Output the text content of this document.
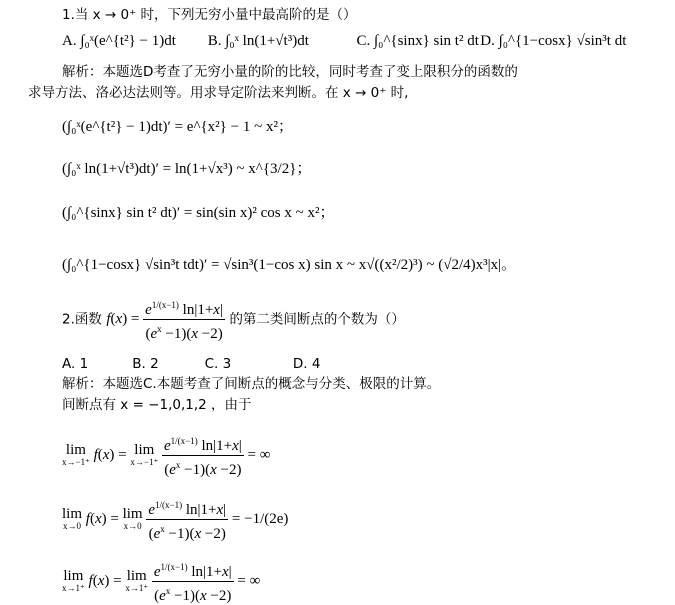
1.当 x → 0⁺ 时，下列无穷小量中最高阶的是（）
A. ∫₀ˣ(e^{t²} − 1)dt B. ∫₀ˣ ln(1+√t³)dt	C. ∫₀^{sinx} sin t² dt D. ∫₀^{1−cosx} √sin³t dt
解析：本题选D考查了无穷小量的阶的比较，同时考查了变上限积分的函数的
求导方法、洛必达法则等。用求导定阶法来判断。在 x → 0⁺ 时,
(∫₀ˣ(e^{t²} − 1)dt)′ = e^{x²} − 1 ~ x²；
(∫₀ˣ ln(1+√t³)dt)′ = ln(1+√x³) ~ x^{3/2}；
(∫₀^{sinx} sin t² dt)′ = sin(sin x)² cos x ~ x²；
(∫₀^{1−cosx} √sin³t tdt)′ = √sin³(1−cos x) sin x ~ x√((x²/2)³) ~ (√2/4)x³|x|。
2.函数 $f(x) = \frac{e^{1/(x-1)} \ln|1+x|}{(e^x -1)(x -2)}$ 的第二类间断点的个数为（）
A. 1	B. 2	C. 3	D. 4
解析：本题选C.本题考查了间断点的概念与分类、极限的计算。
间断点有 x = −1,0,1,2 ，由于
lim
x→−1⁺ f(x) = lim
x→−1⁺
$\frac{e^{1/(x-1)} \ln|1+x|}{(e^x -1)(x -2)}$ = ∞
lim
x→0 f(x) = lim
x→0
$\frac{e^{1/(x-1)} \ln|1+x|}{(e^x -1)(x -2)} = -1/(2e)$
lim
x→1⁺ f(x) = lim
x→1⁺
$\frac{e^{1/(x-1)} \ln|1+x|}{(e^x -1)(x -2)}$ = ∞
